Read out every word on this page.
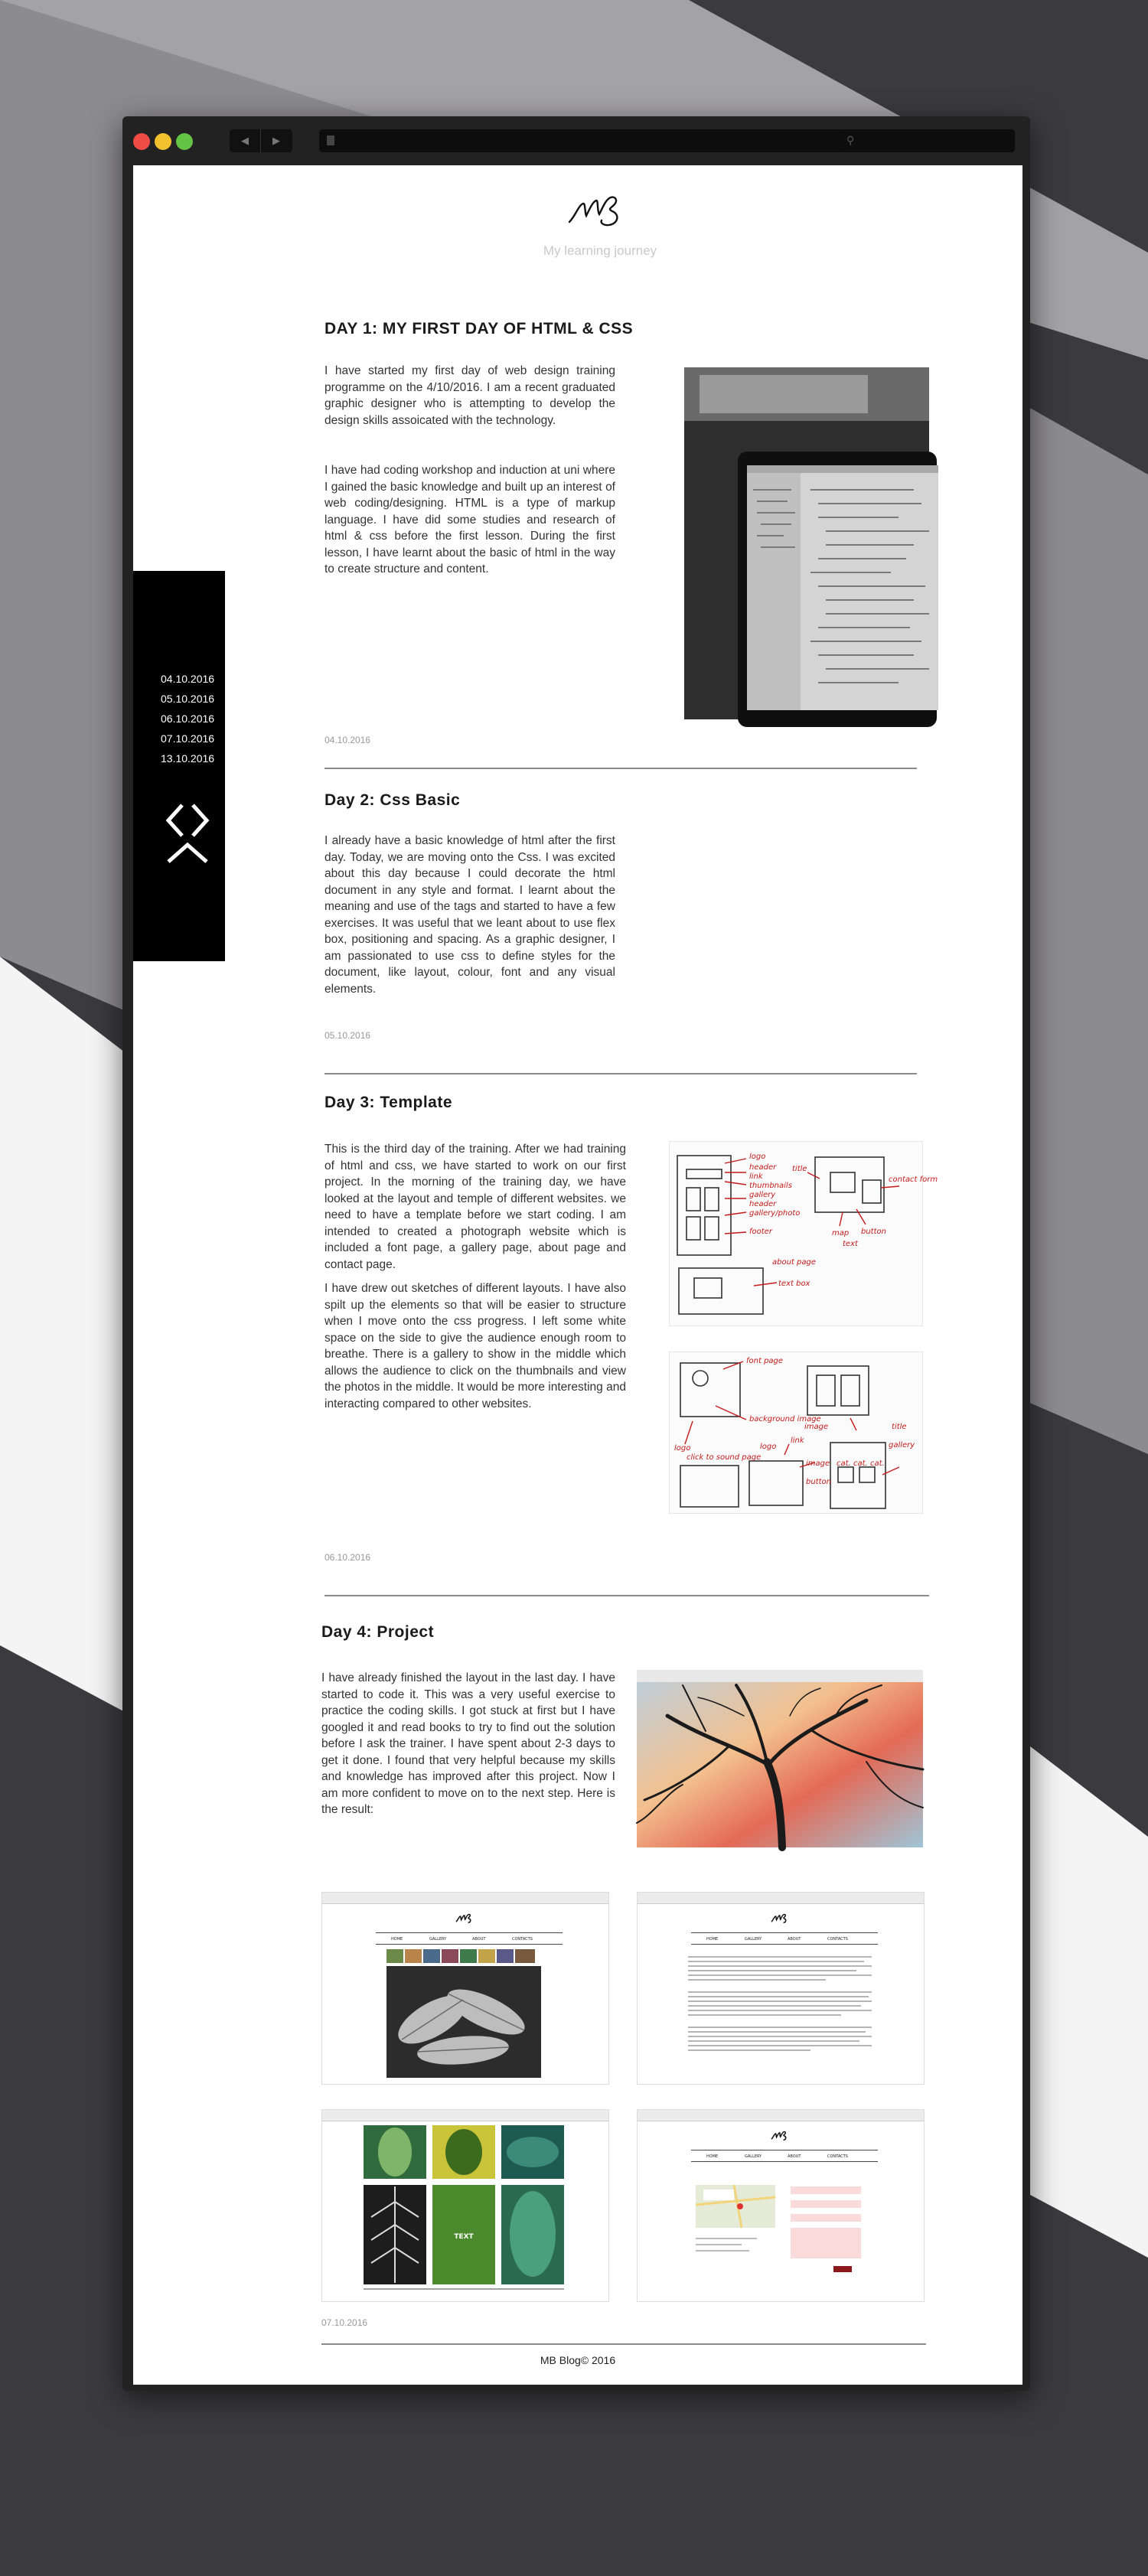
◀	▶	⚲
My learning journey
04.10.2016
05.10.2016
06.10.2016
07.10.2016
13.10.2016
DAY 1: MY FIRST DAY OF HTML & CSS

I have started my first day of web design training programme on the 4/10/2016. I am a recent graduated graphic designer who is attempting to develop the design skills assoicated with the technology.

I have had coding workshop and induction at uni where I gained the basic knowledge and built up an interest of web coding/designing. HTML is a type of markup language. I have did some studies and research of html & css before the first lesson. During the first lesson, I have learnt about the basic of html in the way to create structure and content.

04.10.2016
Day 2: Css Basic

I already have a basic knowledge of html after the first day. Today, we are moving onto the Css. I was excited about this day because I could decorate the html document in any style and format. I learnt about the meaning and use of the tags and started to have a few exercises. It was useful that we leant about to use flex box, positioning and spacing. As a graphic designer, I am passionated to use css to define styles for the document, like layout, colour, font and any visual elements.

05.10.2016
Day 3: Template

This is the third day of the training. After we had training of html and css, we have started to work on our first project. In the morning of the training day, we have looked at the layout and temple of different websites. we need to have a template before we start coding. I am intended to created a photograph website which is included a font page, a gallery page, about page and contact page.

I have drew out sketches of different layouts. I have also spilt up the elements so that will be easier to structure when I move onto the css progress. I left some white space on the side to give the audience enough room to breathe. There is a gallery to show in the middle which allows the audience to click on the thumbnails and view the photos in the middle. It would be more interesting and interacting compared to other websites.

logo
header
link
thumbnails
gallery
header
gallery/photo
footer
title
contact form
button
map
text
about page
text box
font page
background image
logo
click to sound page
image
logo
link
image
button
cat. cat. cat.
title
gallery
06.10.2016
Day 4: Project

I have already finished the layout in the last day. I have started to code it. This was a very useful exercise to practice the coding skills. I got stuck at first but I have googled it and read books to try to find out the solution before I ask the trainer. I have spent about 2-3 days to get it done. I found that very helpful because my skills and knowledge has improved after this project. Now I am more confident to move on to the next step. Here is the result:

HOME	GALLERY	ABOUT	CONTACTS	HOME	GALLERY	ABOUT	CONTACTS
TEXT
HOME	GALLERY	ABOUT	CONTACTS
07.10.2016
MB Blog© 2016
